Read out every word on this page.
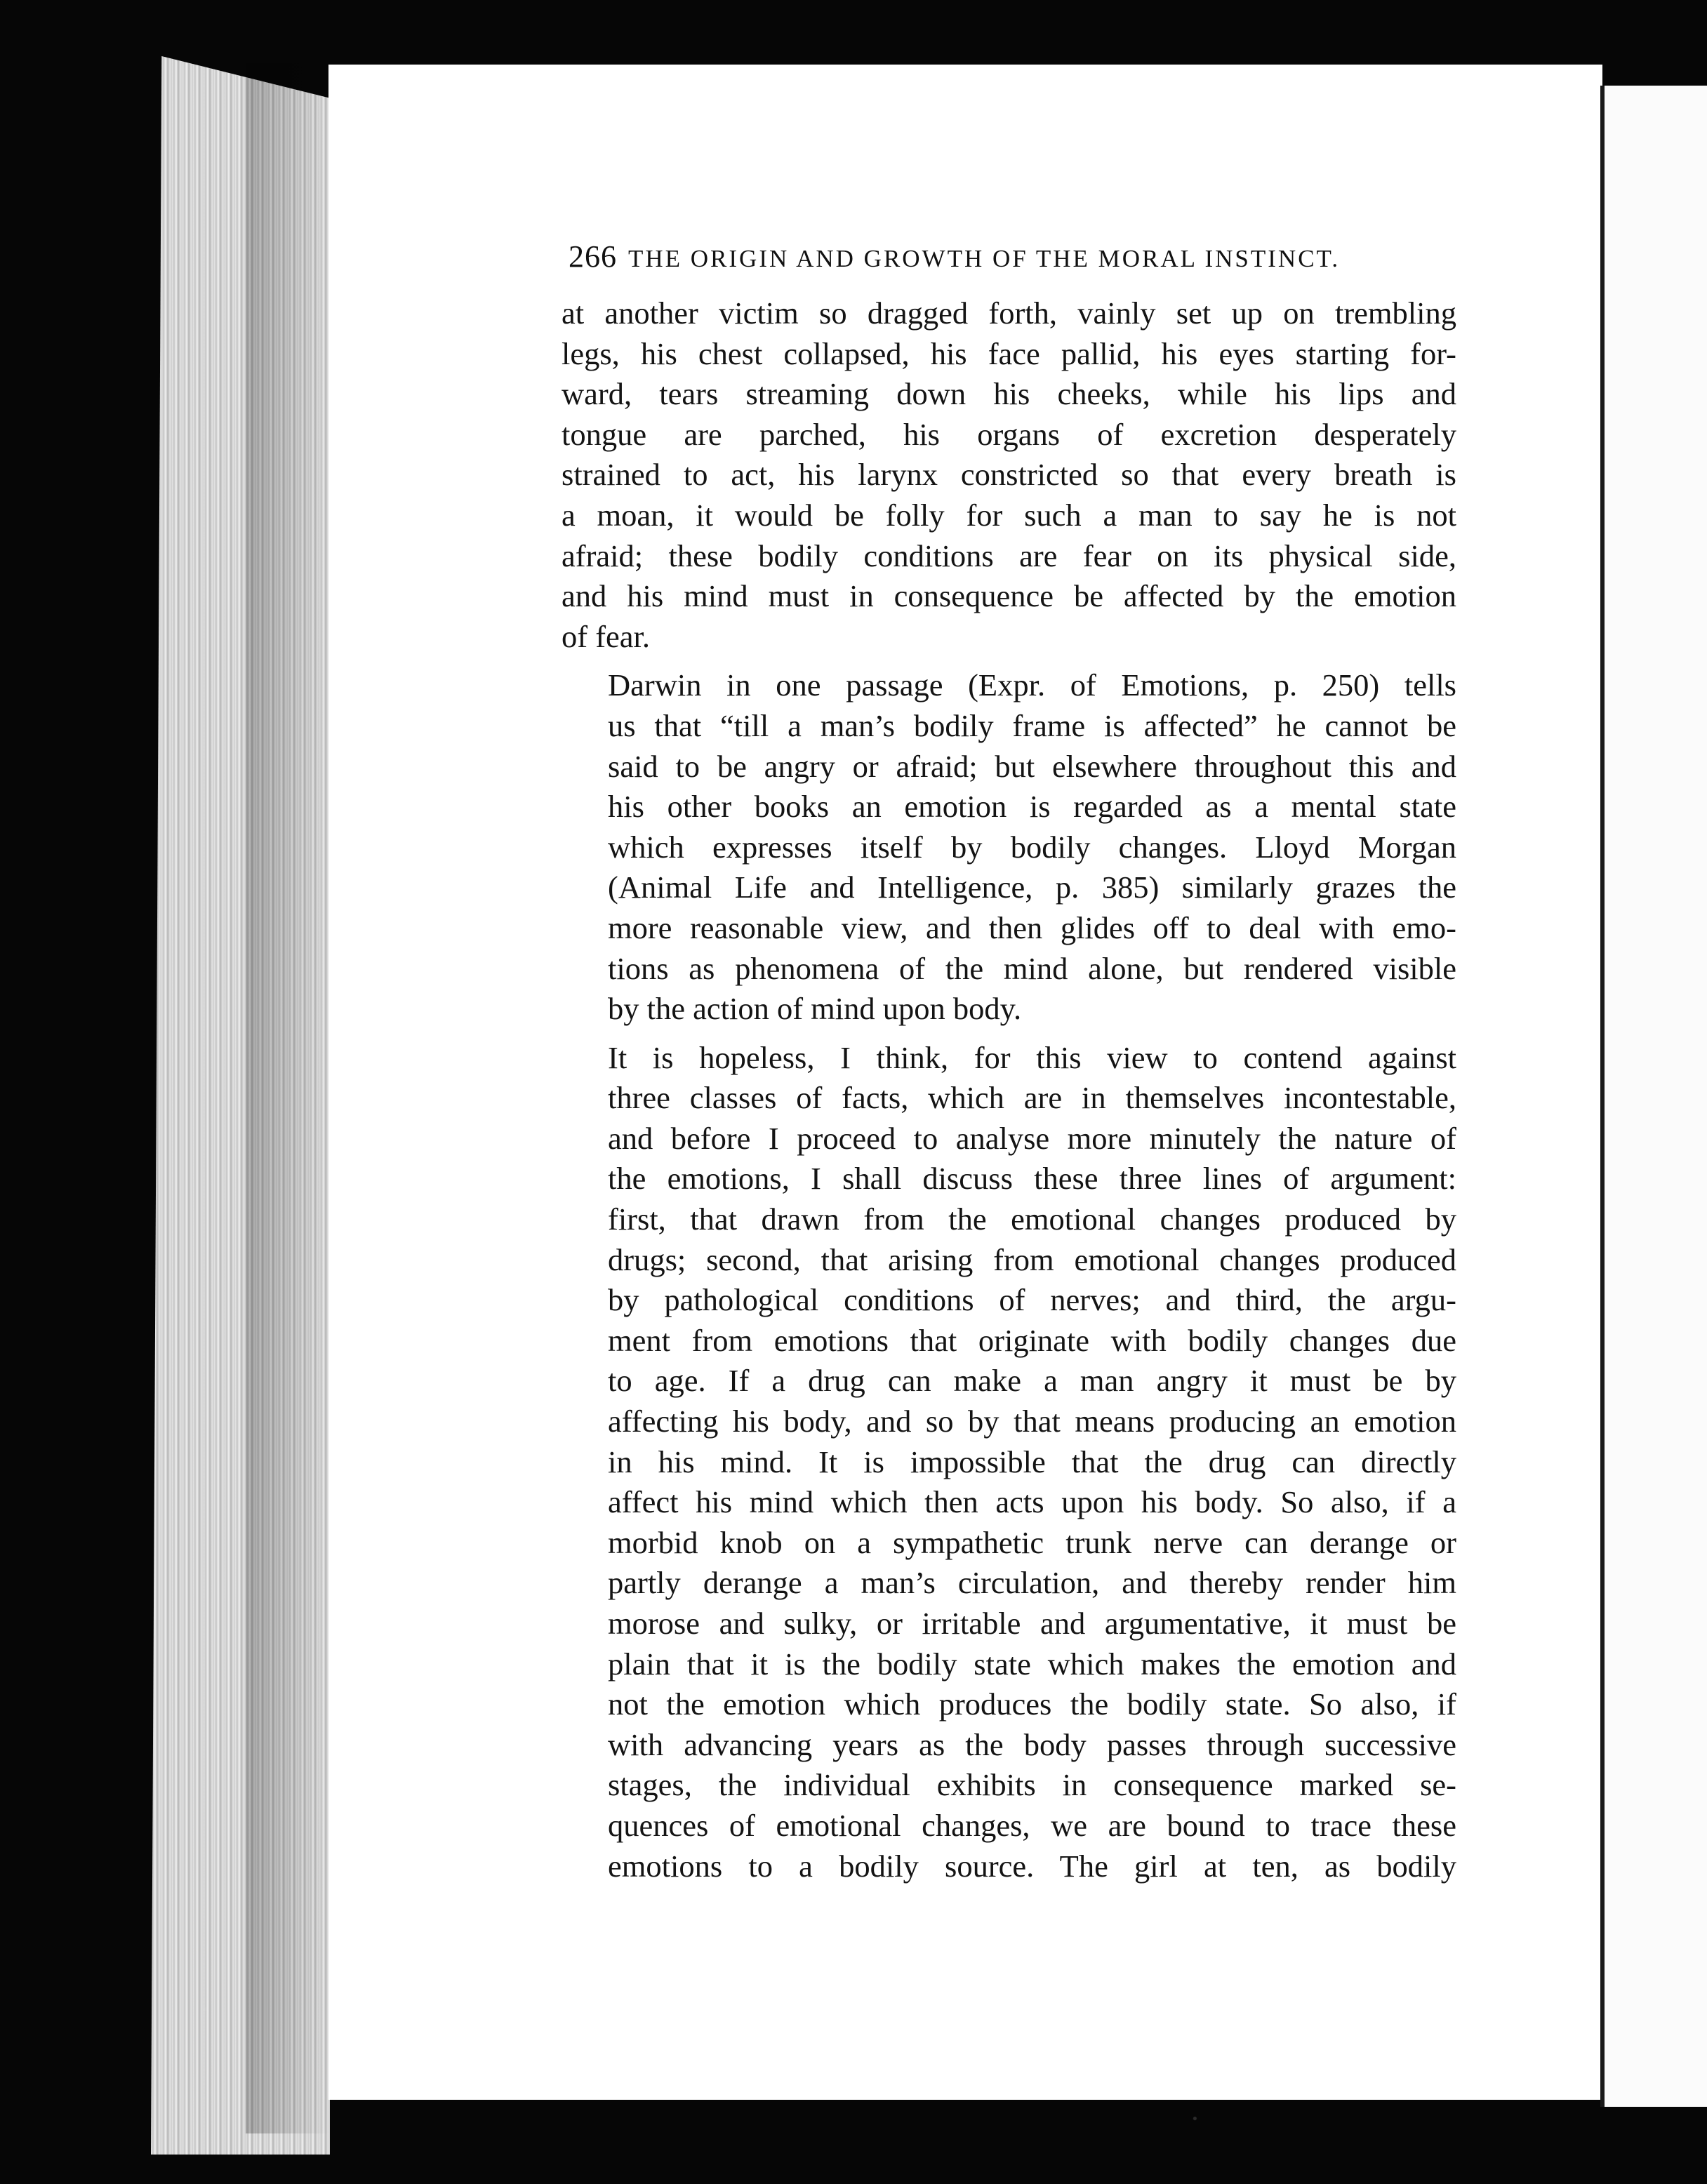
266 THE ORIGIN AND GROWTH OF THE MORAL INSTINCT.

at another victim so dragged forth, vainly set up on trembling
legs, his chest collapsed, his face pallid, his eyes starting for-
ward, tears streaming down his cheeks, while his lips and
tongue are parched, his organs of excretion desperately
strained to act, his larynx constricted so that every breath is
a moan, it would be folly for such a man to say he is not
afraid; these bodily conditions are fear on its physical side,
and his mind must in consequence be affected by the emotion
of fear.

Darwin in one passage (Expr. of Emotions, p. 250) tells
us that “till a man’s bodily frame is affected” he cannot be
said to be angry or afraid; but elsewhere throughout this and
his other books an emotion is regarded as a mental state
which expresses itself by bodily changes. Lloyd Morgan
(Animal Life and Intelligence, p. 385) similarly grazes the
more reasonable view, and then glides off to deal with emo-
tions as phenomena of the mind alone, but rendered visible
by the action of mind upon body.

It is hopeless, I think, for this view to contend against
three classes of facts, which are in themselves incontestable,
and before I proceed to analyse more minutely the nature of
the emotions, I shall discuss these three lines of argument:
first, that drawn from the emotional changes produced by
drugs; second, that arising from emotional changes produced
by pathological conditions of nerves; and third, the argu-
ment from emotions that originate with bodily changes due
to age. If a drug can make a man angry it must be by
affecting his body, and so by that means producing an emotion
in his mind. It is impossible that the drug can directly
affect his mind which then acts upon his body. So also, if a
morbid knob on a sympathetic trunk nerve can derange or
partly derange a man’s circulation, and thereby render him
morose and sulky, or irritable and argumentative, it must be
plain that it is the bodily state which makes the emotion and
not the emotion which produces the bodily state. So also, if
with advancing years as the body passes through successive
stages, the individual exhibits in consequence marked se-
quences of emotional changes, we are bound to trace these
emotions to a bodily source. The girl at ten, as bodily
